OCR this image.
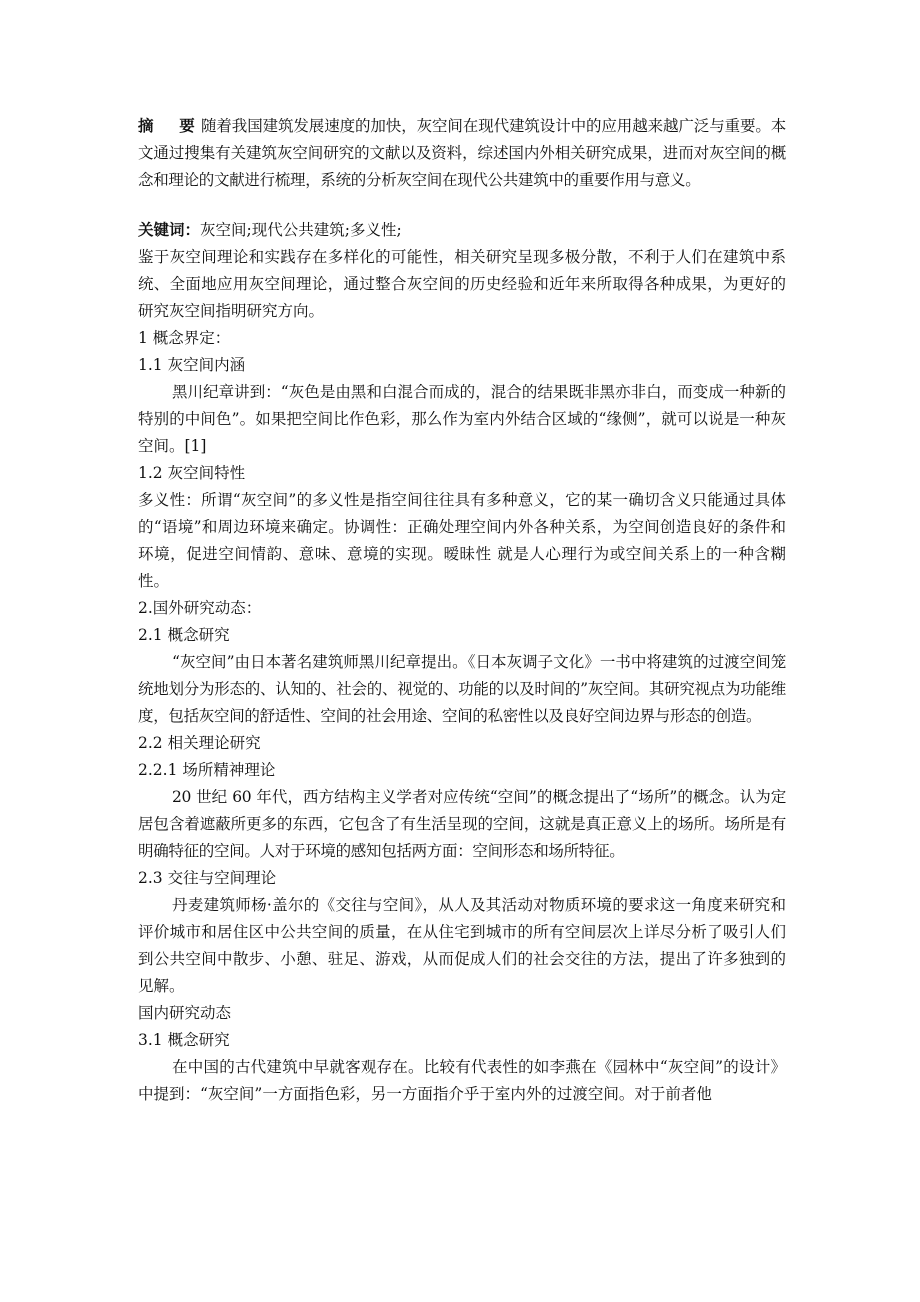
摘 要随着我国建筑发展速度的加快，灰空间在现代建筑设计中的应用越来越广泛与重要。本文通过搜集有关建筑灰空间研究的文献以及资料，综述国内外相关研究成果，进而对灰空间的概念和理论的文献进行梳理，系统的分析灰空间在现代公共建筑中的重要作用与意义。

关键词：灰空间;现代公共建筑;多义性;

鉴于灰空间理论和实践存在多样化的可能性，相关研究呈现多极分散，不利于人们在建筑中系统、全面地应用灰空间理论，通过整合灰空间的历史经验和近年来所取得各种成果，为更好的研究灰空间指明研究方向。

1 概念界定：

1.1 灰空间内涵

黑川纪章讲到：“灰色是由黑和白混合而成的，混合的结果既非黑亦非白，而变成一种新的特别的中间色”。如果把空间比作色彩，那么作为室内外结合区域的“缘侧”，就可以说是一种灰空间。[1]

1.2 灰空间特性

多义性：所谓“灰空间”的多义性是指空间往往具有多种意义，它的某一确切含义只能通过具体的“语境”和周边环境来确定。协调性：正确处理空间内外各种关系，为空间创造良好的条件和环境，促进空间情韵、意味、意境的实现。暧昧性 就是人心理行为或空间关系上的一种含糊性。

2.国外研究动态：

2.1 概念研究

“灰空间”由日本著名建筑师黑川纪章提出。《日本灰调子文化》一书中将建筑的过渡空间笼统地划分为形态的、认知的、社会的、视觉的、功能的以及时间的”灰空间。其研究视点为功能维度，包括灰空间的舒适性、空间的社会用途、空间的私密性以及良好空间边界与形态的创造。

2.2 相关理论研究

2.2.1 场所精神理论

20 世纪 60 年代，西方结构主义学者对应传统“空间”的概念提出了“场所”的概念。认为定居包含着遮蔽所更多的东西，它包含了有生活呈现的空间，这就是真正意义上的场所。场所是有明确特征的空间。人对于环境的感知包括两方面：空间形态和场所特征。

2.3 交往与空间理论

丹麦建筑师杨·盖尔的《交往与空间》，从人及其活动对物质环境的要求这一角度来研究和评价城市和居住区中公共空间的质量，在从住宅到城市的所有空间层次上详尽分析了吸引人们到公共空间中散步、小憩、驻足、游戏，从而促成人们的社会交往的方法，提出了许多独到的见解。

国内研究动态

3.1 概念研究

在中国的古代建筑中早就客观存在。比较有代表性的如李燕在《园林中“灰空间”的设计》中提到：“灰空间”一方面指色彩，另一方面指介乎于室内外的过渡空间。对于前者他
